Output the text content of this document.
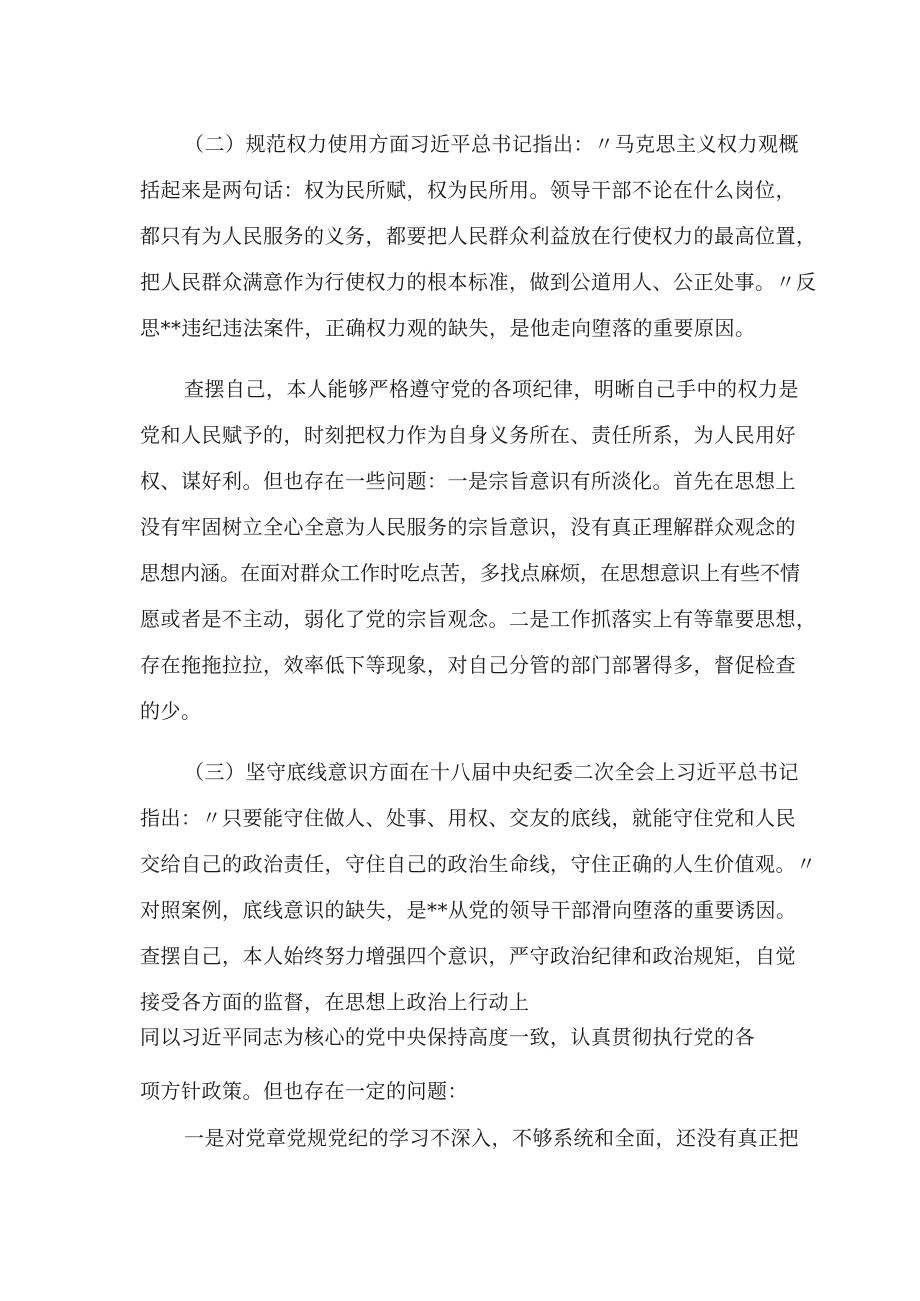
（二）规范权力使用方面习近平总书记指出：〃马克思主义权力观概
括起来是两句话：权为民所赋，权为民所用。领导干部不论在什么岗位，
都只有为人民服务的义务，都要把人民群众利益放在行使权力的最高位置，
把人民群众满意作为行使权力的根本标准，做到公道用人、公正处事。〃反
思**违纪违法案件，正确权力观的缺失，是他走向堕落的重要原因。
查摆自己，本人能够严格遵守党的各项纪律，明晰自己手中的权力是
党和人民赋予的，时刻把权力作为自身义务所在、责任所系，为人民用好
权、谋好利。但也存在一些问题：一是宗旨意识有所淡化。首先在思想上
没有牢固树立全心全意为人民服务的宗旨意识，没有真正理解群众观念的
思想内涵。在面对群众工作时吃点苦，多找点麻烦，在思想意识上有些不情
愿或者是不主动，弱化了党的宗旨观念。二是工作抓落实上有等靠要思想，
存在拖拖拉拉，效率低下等现象，对自己分管的部门部署得多，督促检查
的少。
（三）坚守底线意识方面在十八届中央纪委二次全会上习近平总书记
指出：〃只要能守住做人、处事、用权、交友的底线，就能守住党和人民
交给自己的政治责任，守住自己的政治生命线，守住正确的人生价值观。〃
对照案例，底线意识的缺失，是**从党的领导干部滑向堕落的重要诱因。
查摆自己，本人始终努力增强四个意识，严守政治纪律和政治规矩，自觉
接受各方面的监督，在思想上政治上行动上
同以习近平同志为核心的党中央保持高度一致，认真贯彻执行党的各
项方针政策。但也存在一定的问题：
一是对党章党规党纪的学习不深入，不够系统和全面，还没有真正把
